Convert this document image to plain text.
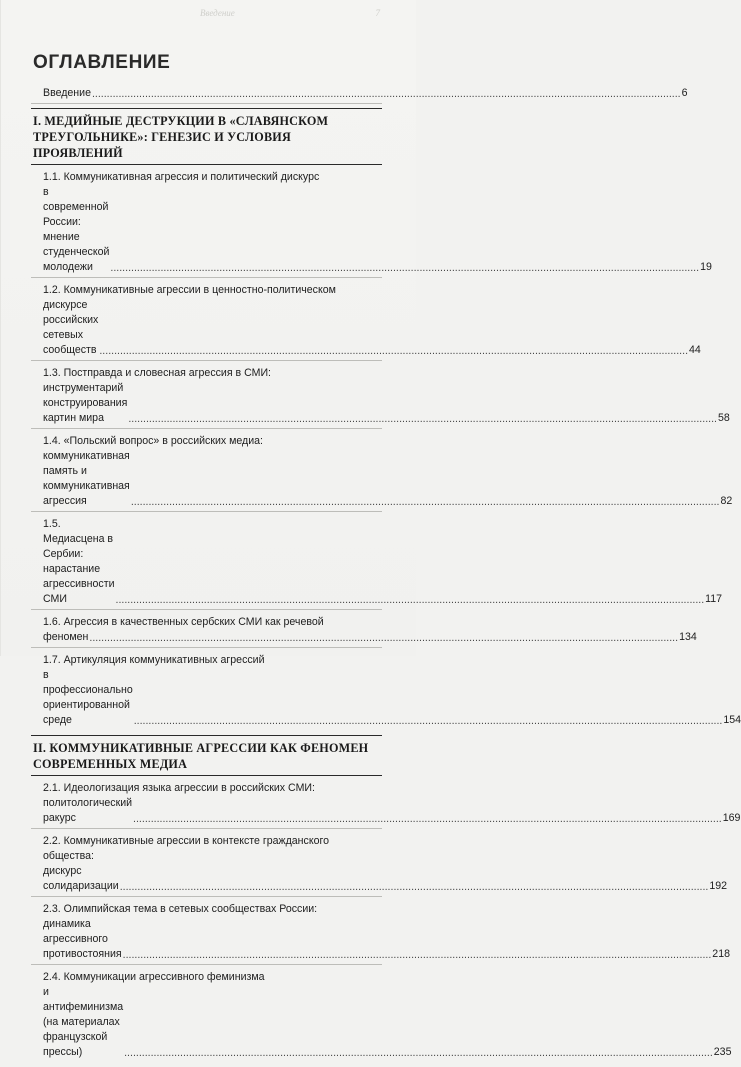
Введение	7
ОГЛАВЛЕНИЕ
Введение ........................................................................................................................................................................................................ 6
I. МЕДИЙНЫЕ ДЕСТРУКЦИИ В «СЛАВЯНСКОМ
ТРЕУГОЛЬНИКЕ»: ГЕНЕЗИС И УСЛОВИЯ ПРОЯВЛЕНИЙ
1.1. Коммуникативная агрессия и политический дискурс
в современной России: мнение студенческой молодежи	........................................................................................................................................................................................................ 19
1.2. Коммуникативные агрессии в ценностно-политическом
дискурсе российских сетевых сообществ ........................................................................................................................................................................................................ 44
1.3. Постправда и словесная агрессия в СМИ:
инструментарий конструирования картин мира	........................................................................................................................................................................................................ 58
1.4. «Польский вопрос» в российских медиа:
коммуникативная память и коммуникативная агрессия	........................................................................................................................................................................................................ 82
1.5. Медиасцена в Сербии: нарастание агрессивности СМИ	........................................................................................................................................................................................................ 117
1.6. Агрессия в качественных сербских СМИ как речевой
феномен ........................................................................................................................................................................................................ 134
1.7. Артикуляция коммуникативных агрессий
в профессионально ориентированной среде	........................................................................................................................................................................................................ 154
II. КОММУНИКАТИВНЫЕ АГРЕССИИ КАК ФЕНОМЕН
СОВРЕМЕННЫХ МЕДИА
2.1. Идеологизация языка агрессии в российских СМИ:
политологический ракурс	........................................................................................................................................................................................................ 169
2.2. Коммуникативные агрессии в контексте гражданского
общества: дискурс солидаризации ........................................................................................................................................................................................................ 192
2.3. Олимпийская тема в сетевых сообществах России:
динамика агрессивного противостояния ........................................................................................................................................................................................................ 218
2.4. Коммуникации агрессивного феминизма
и антифеминизма (на материалах французской прессы)	........................................................................................................................................................................................................ 235
